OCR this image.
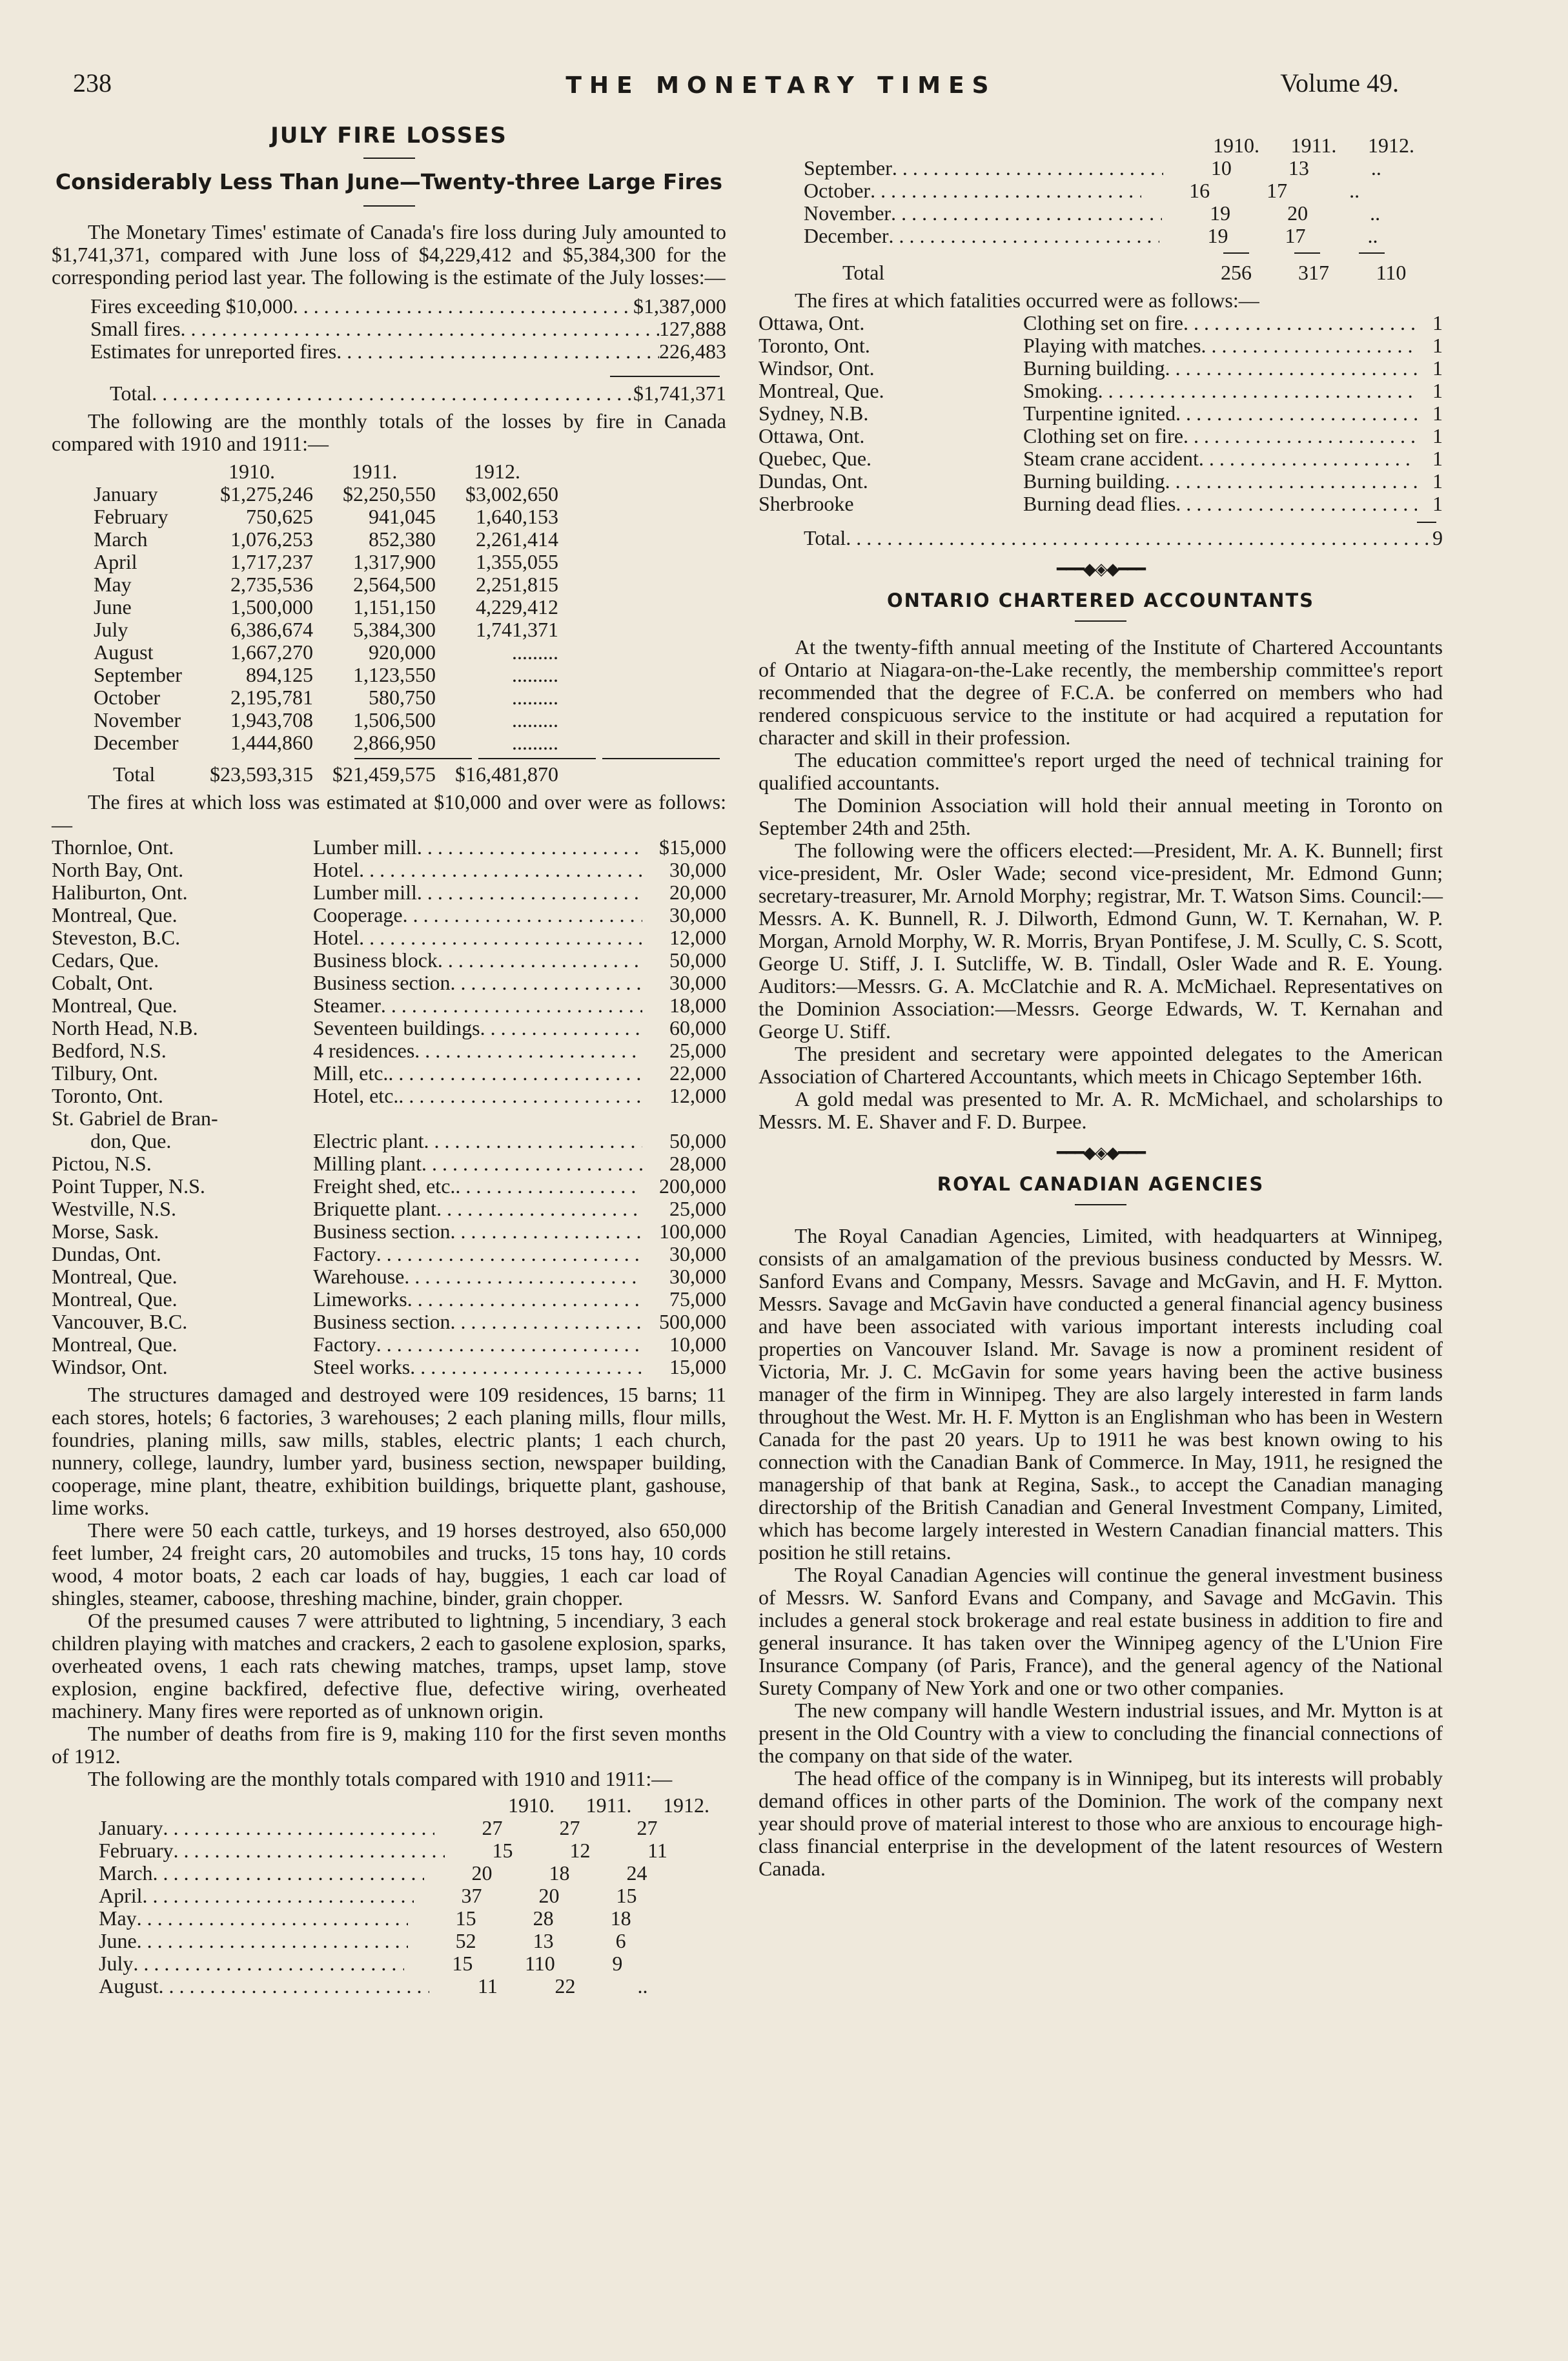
238	THE MONETARY TIMES	Volume 49.
JULY FIRE LOSSES
Considerably Less Than June—Twenty-three Large Fires

The Monetary Times' estimate of Canada's fire loss during July amounted to $1,741,371, compared with June loss of $4,229,412 and $5,384,300 for the corresponding period last year. The following is the estimate of the July losses:—

Fires exceeding $10,000 . . .	$1,387,000
Small fires . . .	127,888
Estimates for unreported fires . . .	226,483
Total . . .	$1,741,371

The following are the monthly totals of the losses by fire in Canada compared with 1910 and 1911:—

1910.	1911.	1912.
January	$1,275,246	$2,250,550	$3,002,650
February	750,625	941,045	1,640,153
March	1,076,253	852,380	2,261,414
April	1,717,237	1,317,900	1,355,055
May	2,735,536	2,564,500	2,251,815
June	1,500,000	1,151,150	4,229,412
July	6,386,674	5,384,300	1,741,371
August	1,667,270	920,000	.........
September	894,125	1,123,550	.........
October	2,195,781	580,750	.........
November	1,943,708	1,506,500	.........
December	1,444,860	2,866,950	.........
Total	$23,593,315 $21,459,575 $16,481,870

The fires at which loss was estimated at $10,000 and over were as follows:—

Thornloe, Ont.	Lumber mill . . .	$15,000
North Bay, Ont.	Hotel . . .	30,000
Haliburton, Ont.	Lumber mill . . .	20,000
Montreal, Que.	Cooperage . . .	30,000
Steveston, B.C.	Hotel . . .	12,000
Cedars, Que.	Business block . . .	50,000
Cobalt, Ont.	Business section . . .	30,000
Montreal, Que.	Steamer . . .	18,000
North Head, N.B.	Seventeen buildings . . .	60,000
Bedford, N.S.	4 residences . . .	25,000
Tilbury, Ont.	Mill, etc. . . .	22,000
Toronto, Ont.	Hotel, etc. . . .	12,000
St. Gabriel de Bran-
don, Que.	Electric plant . . .	50,000
Pictou, N.S.	Milling plant . . .	28,000
Point Tupper, N.S.	Freight shed, etc. . . .	200,000
Westville, N.S.	Briquette plant . . .	25,000
Morse, Sask.	Business section . . .	100,000
Dundas, Ont.	Factory . . .	30,000
Montreal, Que.	Warehouse . . .	30,000
Montreal, Que.	Limeworks . . .	75,000
Vancouver, B.C.	Business section . . .	500,000
Montreal, Que.	Factory . . .	10,000
Windsor, Ont.	Steel works . . .	15,000

The structures damaged and destroyed were 109 residences, 15 barns; 11 each stores, hotels; 6 factories, 3 warehouses; 2 each planing mills, flour mills, foundries, planing mills, saw mills, stables, electric plants; 1 each church, nunnery, college, laundry, lumber yard, business section, newspaper building, cooperage, mine plant, theatre, exhibition buildings, briquette plant, gashouse, lime works.

There were 50 each cattle, turkeys, and 19 horses destroyed, also 650,000 feet lumber, 24 freight cars, 20 automobiles and trucks, 15 tons hay, 10 cords wood, 4 motor boats, 2 each car loads of hay, buggies, 1 each car load of shingles, steamer, caboose, threshing machine, binder, grain chopper.

Of the presumed causes 7 were attributed to lightning, 5 incendiary, 3 each children playing with matches and crackers, 2 each to gasolene explosion, sparks, overheated ovens, 1 each rats chewing matches, tramps, upset lamp, stove explosion, engine backfired, defective flue, defective wiring, overheated machinery. Many fires were reported as of unknown origin.

The number of deaths from fire is 9, making 110 for the first seven months of 1912.

The following are the monthly totals compared with 1910 and 1911:—

1910.	1911.	1912.
January . . .	27	27	27
February . . .	15	12	11
March . . .	20	18	24
April . . .	37	20	15
May . . .	15	28	18
June . . .	52	13	6
July . . .	15	110	9
August . . .	11	22	..
1910.	1911.	1912.
September . . .	10	13	..
October . . .	16	17	..
November . . .	19	20	..
December . . .	19	17	..
Total	256	317	110

The fires at which fatalities occurred were as follows:—

Ottawa, Ont.	Clothing set on fire . . .	1
Toronto, Ont.	Playing with matches . . .	1
Windsor, Ont.	Burning building . . .	1
Montreal, Que.	Smoking . . .	1
Sydney, N.B.	Turpentine ignited . . .	1
Ottawa, Ont.	Clothing set on fire . . .	1
Quebec, Que.	Steam crane accident . . .	1
Dundas, Ont.	Burning building . . .	1
Sherbrooke	Burning dead flies . . .	1
Total . . .	9
━━━◆◈◆━━━
ONTARIO CHARTERED ACCOUNTANTS

At the twenty-fifth annual meeting of the Institute of Chartered Accountants of Ontario at Niagara-on-the-Lake recently, the membership committee's report recommended that the degree of F.C.A. be conferred on members who had rendered conspicuous service to the institute or had acquired a reputation for character and skill in their profession.

The education committee's report urged the need of technical training for qualified accountants.

The Dominion Association will hold their annual meeting in Toronto on September 24th and 25th.

The following were the officers elected:—President, Mr. A. K. Bunnell; first vice-president, Mr. Osler Wade; second vice-president, Mr. Edmond Gunn; secretary-treasurer, Mr. Arnold Morphy; registrar, Mr. T. Watson Sims. Council:—Messrs. A. K. Bunnell, R. J. Dilworth, Edmond Gunn, W. T. Kernahan, W. P. Morgan, Arnold Morphy, W. R. Morris, Bryan Pontifese, J. M. Scully, C. S. Scott, George U. Stiff, J. I. Sutcliffe, W. B. Tindall, Osler Wade and R. E. Young. Auditors:—Messrs. G. A. McClatchie and R. A. McMichael. Representatives on the Dominion Association:—Messrs. George Edwards, W. T. Kernahan and George U. Stiff.

The president and secretary were appointed delegates to the American Association of Chartered Accountants, which meets in Chicago September 16th.

A gold medal was presented to Mr. A. R. McMichael, and scholarships to Messrs. M. E. Shaver and F. D. Burpee.

━━━◆◈◆━━━
ROYAL CANADIAN AGENCIES

The Royal Canadian Agencies, Limited, with headquarters at Winnipeg, consists of an amalgamation of the previous business conducted by Messrs. W. Sanford Evans and Company, Messrs. Savage and McGavin, and H. F. Mytton. Messrs. Savage and McGavin have conducted a general financial agency business and have been associated with various important interests including coal properties on Vancouver Island. Mr. Savage is now a prominent resident of Victoria, Mr. J. C. McGavin for some years having been the active business manager of the firm in Winnipeg. They are also largely interested in farm lands throughout the West. Mr. H. F. Mytton is an Englishman who has been in Western Canada for the past 20 years. Up to 1911 he was best known owing to his connection with the Canadian Bank of Commerce. In May, 1911, he resigned the managership of that bank at Regina, Sask., to accept the Canadian managing directorship of the British Canadian and General Investment Company, Limited, which has become largely interested in Western Canadian financial matters. This position he still retains.

The Royal Canadian Agencies will continue the general investment business of Messrs. W. Sanford Evans and Company, and Savage and McGavin. This includes a general stock brokerage and real estate business in addition to fire and general insurance. It has taken over the Winnipeg agency of the L'Union Fire Insurance Company (of Paris, France), and the general agency of the National Surety Company of New York and one or two other companies.

The new company will handle Western industrial issues, and Mr. Mytton is at present in the Old Country with a view to concluding the financial connections of the company on that side of the water.

The head office of the company is in Winnipeg, but its interests will probably demand offices in other parts of the Dominion. The work of the company next year should prove of material interest to those who are anxious to encourage high-class financial enterprise in the development of the latent resources of Western Canada.
